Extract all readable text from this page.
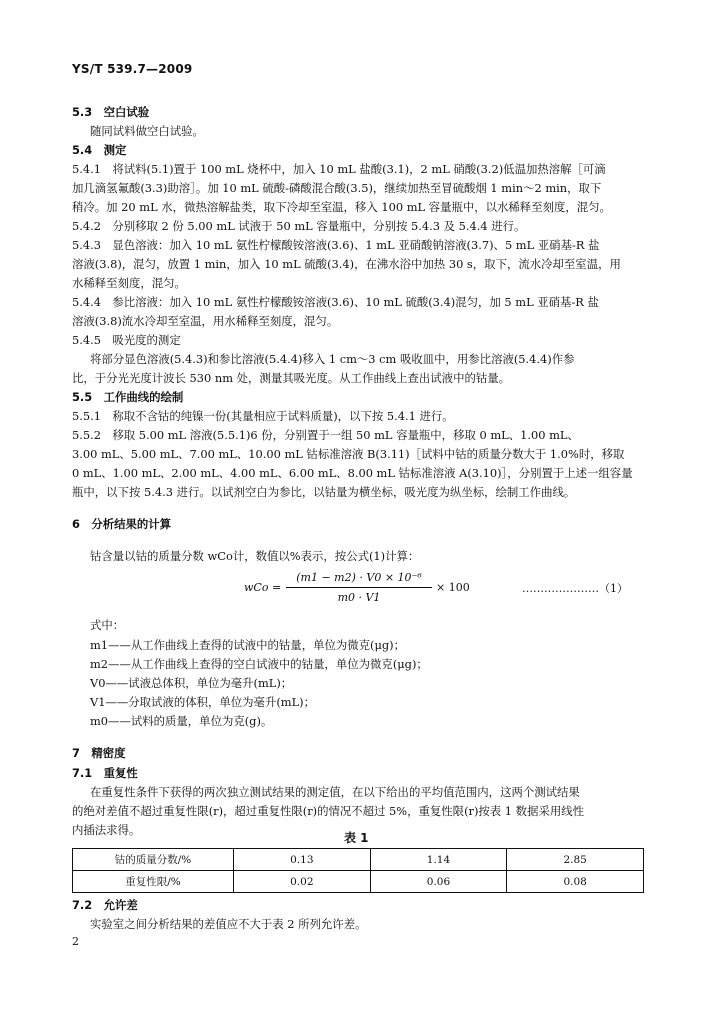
YS/T 539.7—2009
5.3　空白试验
随同试料做空白试验。
5.4　测定
5.4.1　将试料(5.1)置于 100 mL 烧杯中，加入 10 mL 盐酸(3.1)，2 mL 硝酸(3.2)低温加热溶解［可滴
加几滴氢氟酸(3.3)助溶］。加 10 mL 硫酸-磷酸混合酸(3.5)，继续加热至冒硫酸烟 1 min～2 min，取下
稍冷。加 20 mL 水，微热溶解盐类，取下冷却至室温，移入 100 mL 容量瓶中，以水稀释至刻度，混匀。
5.4.2　分别移取 2 份 5.00 mL 试液于 50 mL 容量瓶中，分别按 5.4.3 及 5.4.4 进行。
5.4.3　显色溶液：加入 10 mL 氨性柠檬酸铵溶液(3.6)、1 mL 亚硝酸钠溶液(3.7)、5 mL 亚硝基-R 盐
溶液(3.8)，混匀，放置 1 min，加入 10 mL 硫酸(3.4)，在沸水浴中加热 30 s，取下，流水冷却至室温，用
水稀释至刻度，混匀。
5.4.4　参比溶液：加入 10 mL 氨性柠檬酸铵溶液(3.6)、10 mL 硫酸(3.4)混匀，加 5 mL 亚硝基-R 盐
溶液(3.8)流水冷却至室温，用水稀释至刻度，混匀。
5.4.5　吸光度的测定
将部分显色溶液(5.4.3)和参比溶液(5.4.4)移入 1 cm～3 cm 吸收皿中，用参比溶液(5.4.4)作参
比，于分光光度计波长 530 nm 处，测量其吸光度。从工作曲线上查出试液中的钴量。
5.5　工作曲线的绘制
5.5.1　称取不含钴的纯镍一份(其量相应于试料质量)，以下按 5.4.1 进行。
5.5.2　移取 5.00 mL 溶液(5.5.1)6 份，分别置于一组 50 mL 容量瓶中，移取 0 mL、1.00 mL、
3.00 mL、5.00 mL、7.00 mL、10.00 mL 钴标准溶液 B(3.11)［试料中钴的质量分数大于 1.0%时，移取
0 mL、1.00 mL、2.00 mL、4.00 mL、6.00 mL、8.00 mL 钴标准溶液 A(3.10)］，分别置于上述一组容量
瓶中，以下按 5.4.3 进行。以试剂空白为参比，以钴量为横坐标，吸光度为纵坐标，绘制工作曲线。
6　分析结果的计算
钴含量以钴的质量分数 wCo计，数值以%表示，按公式(1)计算：
式中：
m1——从工作曲线上查得的试液中的钴量，单位为微克(μg)；
m2——从工作曲线上查得的空白试液中的钴量，单位为微克(μg)；
V0——试液总体积，单位为毫升(mL)；
V1——分取试液的体积，单位为毫升(mL)；
m0——试料的质量，单位为克(g)。
7　精密度
7.1　重复性
在重复性条件下获得的两次独立测试结果的测定值，在以下给出的平均值范围内，这两个测试结果
的绝对差值不超过重复性限(r)，超过重复性限(r)的情况不超过 5%，重复性限(r)按表 1 数据采用线性
内插法求得。
7.2　允许差
实验室之间分析结果的差值应不大于表 2 所列允许差。
wCo =
(m1 − m2) · V0 × 10⁻⁶
m0 · V1
× 100	…………………（1）
表 1
钴的质量分数/%	0.13	1.14	2.85
重复性限/%	0.02	0.06	0.08
2
